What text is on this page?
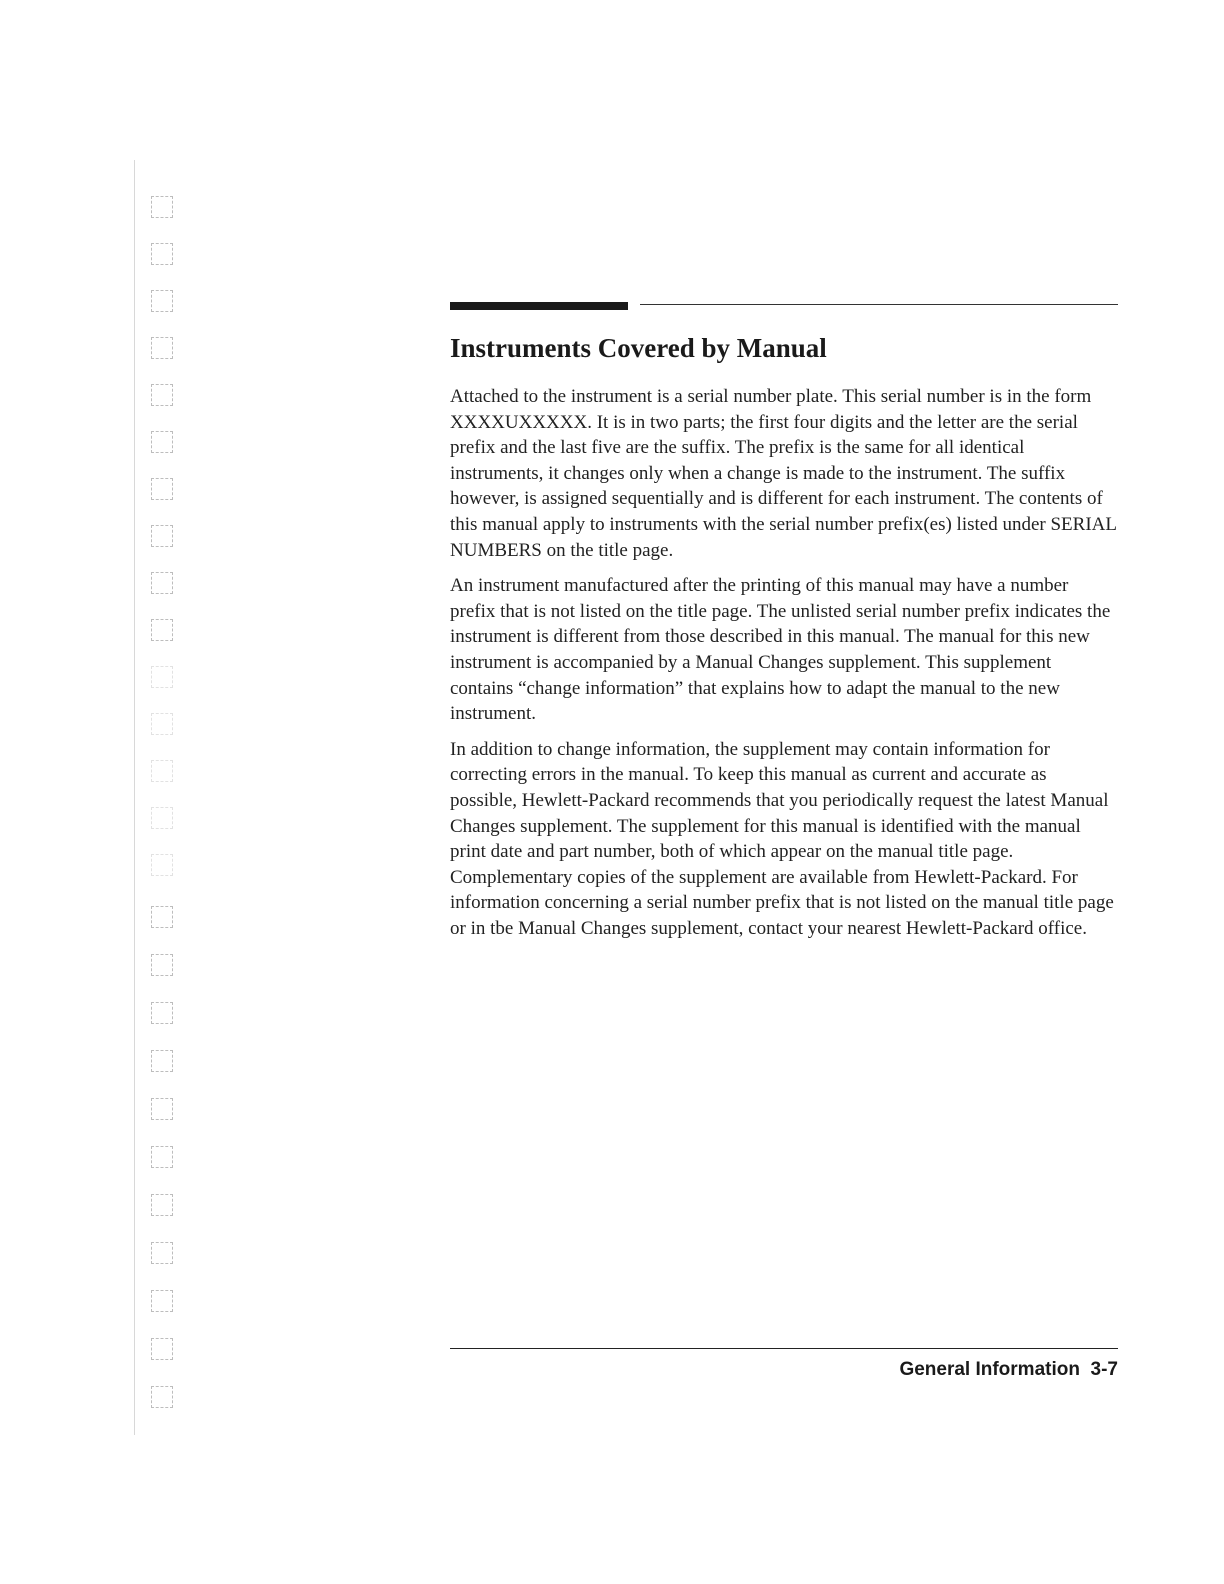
Instruments Covered by Manual

Attached to the instrument is a serial number plate. This serial number is in the form XXXXUXXXXX. It is in two parts; the first four digits and the letter are the serial prefix and the last five are the suffix. The prefix is the same for all identical instruments, it changes only when a change is made to the instrument. The suffix however, is assigned sequentially and is different for each instrument. The contents of this manual apply to instruments with the serial number prefix(es) listed under SERIAL NUMBERS on the title page.

An instrument manufactured after the printing of this manual may have a number prefix that is not listed on the title page. The unlisted serial number prefix indicates the instrument is different from those described in this manual. The manual for this new instrument is accompanied by a Manual Changes supplement. This supplement contains “change information” that explains how to adapt the manual to the new instrument.

In addition to change information, the supplement may contain information for correcting errors in the manual. To keep this manual as current and accurate as possible, Hewlett-Packard recommends that you periodically request the latest Manual Changes supplement. The supplement for this manual is identified with the manual print date and part number, both of which appear on the manual title page. Complementary copies of the supplement are available from Hewlett-Packard. For information concerning a serial number prefix that is not listed on the manual title page or in tbe Manual Changes supplement, contact your nearest Hewlett-Packard office.

General Information 3-7
